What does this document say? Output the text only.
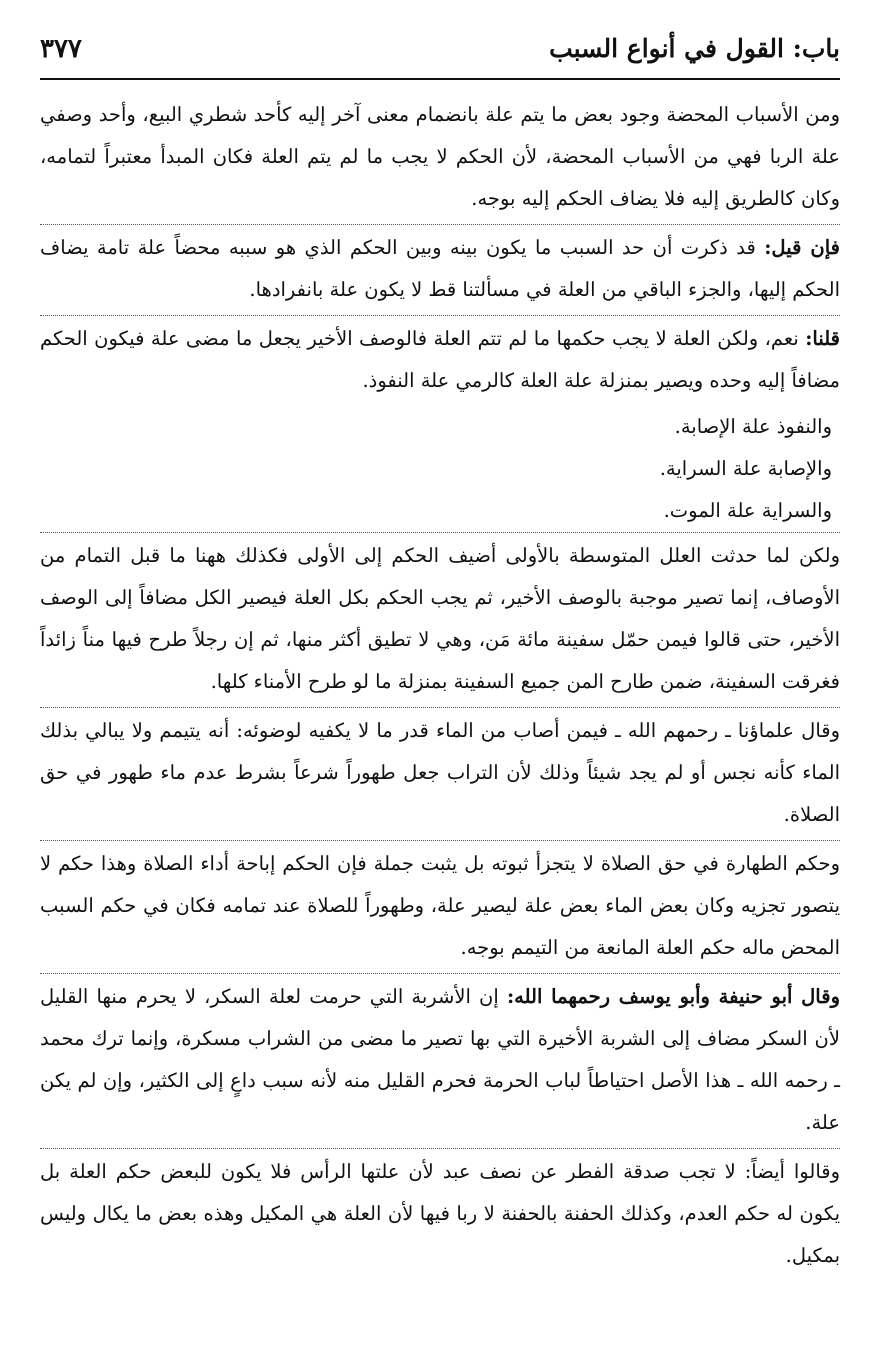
باب: القول في أنواع السبب
٣٧٧

ومن الأسباب المحضة وجود بعض ما يتم علة بانضمام معنى آخر إليه كأحد شطري البيع، وأحد وصفي علة الربا فهي من الأسباب المحضة، لأن الحكم لا يجب ما لم يتم العلة فكان المبدأ معتبراً لتمامه، وكان كالطريق إليه فلا يضاف الحكم إليه بوجه.

فإن قيل: قد ذكرت أن حد السبب ما يكون بينه وبين الحكم الذي هو سببه محضاً علة تامة يضاف الحكم إليها، والجزء الباقي من العلة في مسألتنا قط لا يكون علة بانفرادها.

قلنا: نعم، ولكن العلة لا يجب حكمها ما لم تتم العلة فالوصف الأخير يجعل ما مضى علة فيكون الحكم مضافاً إليه وحده ويصير بمنزلة علة العلة كالرمي علة النفوذ.

والنفوذ علة الإصابة.

والإصابة علة السراية.

والسراية علة الموت.

ولكن لما حدثت العلل المتوسطة بالأولى أضيف الحكم إلى الأولى فكذلك ههنا ما قبل التمام من الأوصاف، إنما تصير موجبة بالوصف الأخير، ثم يجب الحكم بكل العلة فيصير الكل مضافاً إلى الوصف الأخير، حتى قالوا فيمن حمّل سفينة مائة مَن، وهي لا تطيق أكثر منها، ثم إن رجلاً طرح فيها مناً زائداً فغرقت السفينة، ضمن طارح المن جميع السفينة بمنزلة ما لو طرح الأمناء كلها.

وقال علماؤنا ـ رحمهم الله ـ فيمن أصاب من الماء قدر ما لا يكفيه لوضوئه: أنه يتيمم ولا يبالي بذلك الماء كأنه نجس أو لم يجد شيئاً وذلك لأن التراب جعل طهوراً شرعاً بشرط عدم ماء طهور في حق الصلاة.

وحكم الطهارة في حق الصلاة لا يتجزأ ثبوته بل يثبت جملة فإن الحكم إباحة أداء الصلاة وهذا حكم لا يتصور تجزيه وكان بعض الماء بعض علة ليصير علة، وطهوراً للصلاة عند تمامه فكان في حكم السبب المحض ماله حكم العلة المانعة من التيمم بوجه.

وقال أبو حنيفة وأبو يوسف رحمهما الله: إن الأشربة التي حرمت لعلة السكر، لا يحرم منها القليل لأن السكر مضاف إلى الشربة الأخيرة التي بها تصير ما مضى من الشراب مسكرة، وإنما ترك محمد ـ رحمه الله ـ هذا الأصل احتياطاً لباب الحرمة فحرم القليل منه لأنه سبب داعٍ إلى الكثير، وإن لم يكن علة.

وقالوا أيضاً: لا تجب صدقة الفطر عن نصف عبد لأن علتها الرأس فلا يكون للبعض حكم العلة بل يكون له حكم العدم، وكذلك الحفنة بالحفنة لا ربا فيها لأن العلة هي المكيل وهذه بعض ما يكال وليس بمكيل.
